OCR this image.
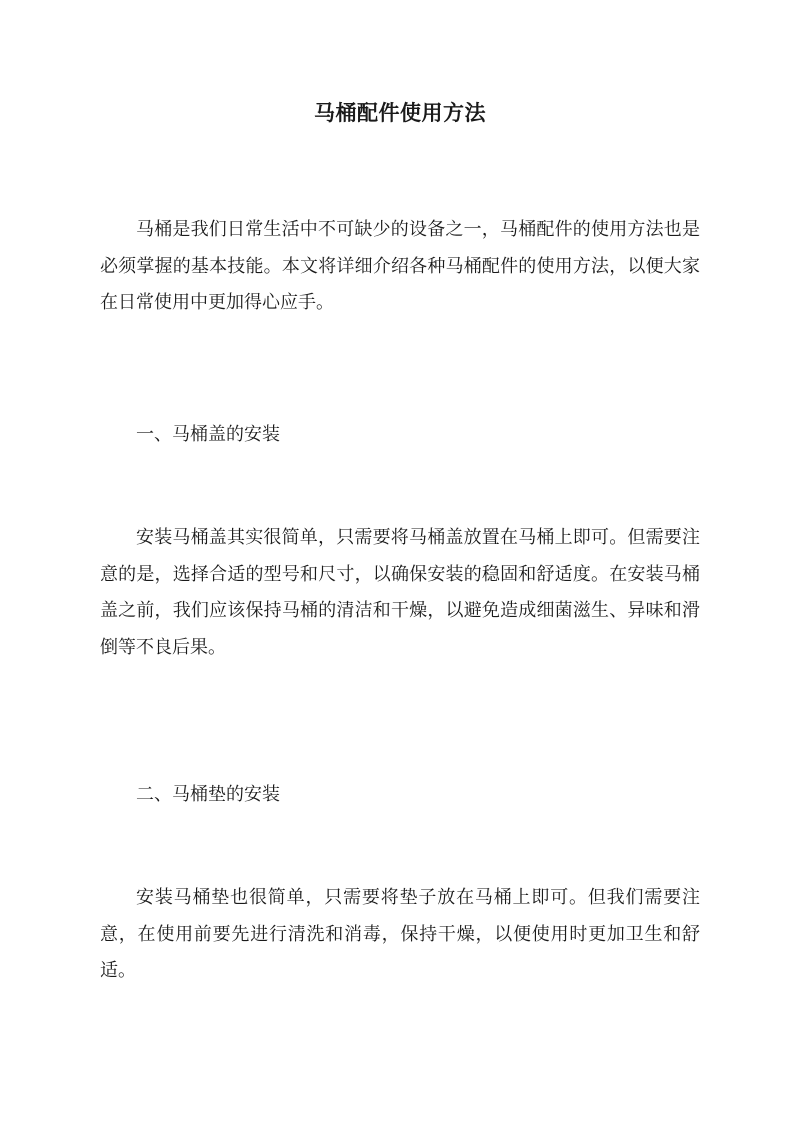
马桶配件使用方法

马桶是我们日常生活中不可缺少的设备之一，马桶配件的使用方法也是必须掌握的基本技能。本文将详细介绍各种马桶配件的使用方法，以便大家在日常使用中更加得心应手。

一、马桶盖的安装

安装马桶盖其实很简单，只需要将马桶盖放置在马桶上即可。但需要注意的是，选择合适的型号和尺寸，以确保安装的稳固和舒适度。在安装马桶盖之前，我们应该保持马桶的清洁和干燥，以避免造成细菌滋生、异味和滑倒等不良后果。

二、马桶垫的安装

安装马桶垫也很简单，只需要将垫子放在马桶上即可。但我们需要注意，在使用前要先进行清洗和消毒，保持干燥，以便使用时更加卫生和舒适。
